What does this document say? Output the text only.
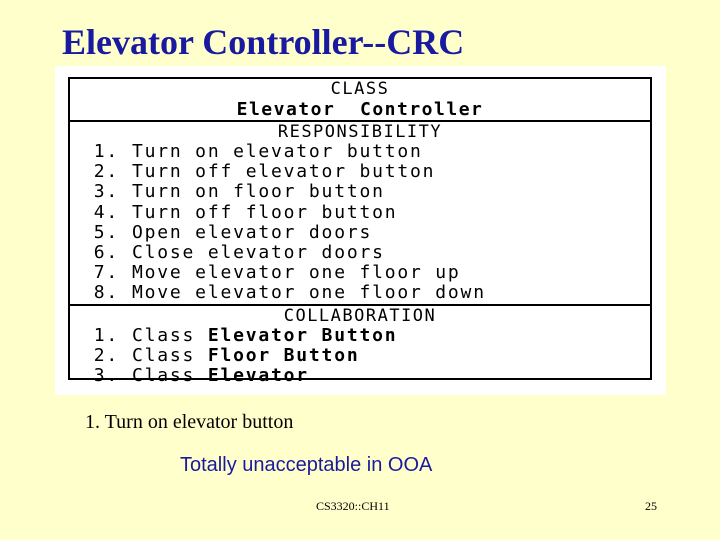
Elevator Controller--CRC
CLASS
Elevator  Controller
RESPONSIBILITY
1. Turn on elevator button
2. Turn off elevator button
3. Turn on floor button
4. Turn off floor button
5. Open elevator doors
6. Close elevator doors
7. Move elevator one floor up
8. Move elevator one floor down
COLLABORATION
1. Class Elevator Button
2. Class Floor Button
3. Class Elevator
1. Turn on elevator button
Totally unacceptable in OOA
CS3320::CH11	25
